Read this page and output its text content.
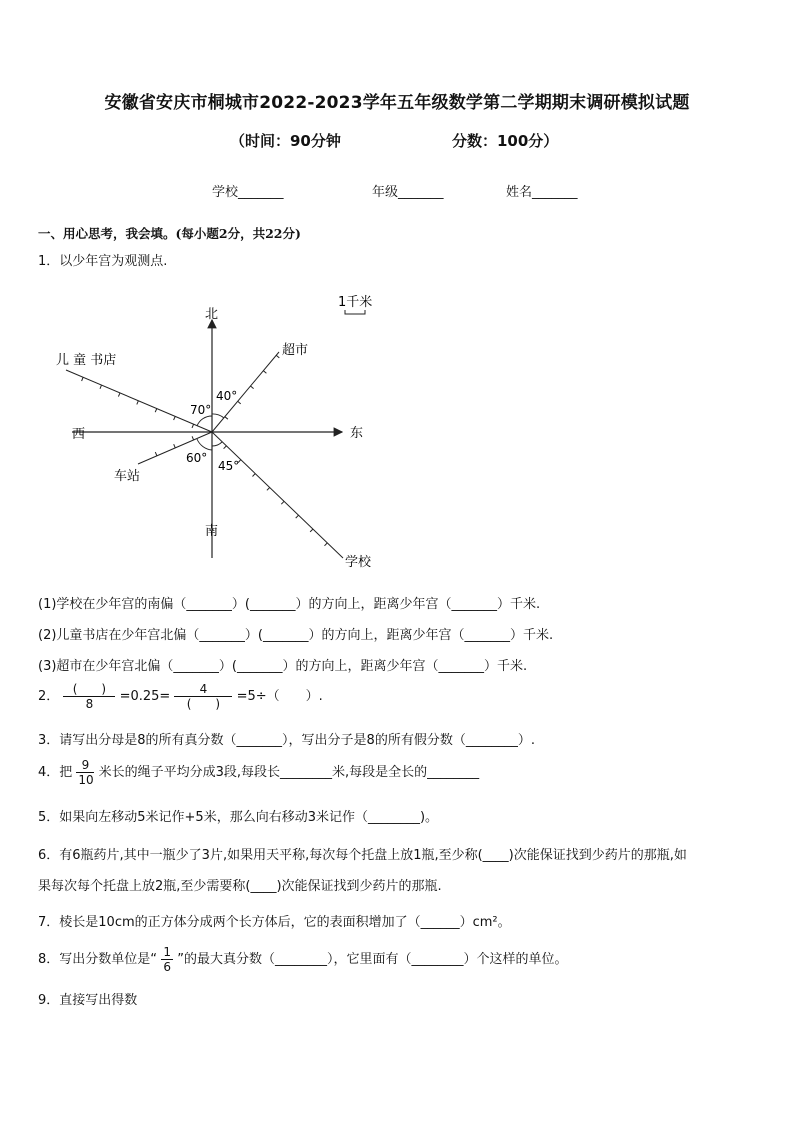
安徽省安庆市桐城市2022-2023学年五年级数学第二学期期末调研模拟试题
（时间：90分钟	分数：100分）
学校_______	年级_______	姓名_______
一、用心思考，我会填。(每小题2分，共22分)
1．以少年宫为观测点.
1千米
北
南
东
西
儿 童 书店
超市
车站
学校
40°
70°
60°
45°
(1)学校在少年宫的南偏（_______）(_______）的方向上，距离少年宫（_______）千米.
(2)儿童书店在少年宫北偏（_______）(_______）的方向上，距离少年宫（_______）千米.
(3)超市在少年宫北偏（_______）(_______）的方向上，距离少年宫（_______）千米.
2． $\frac{( )}{8} =0.25= \frac{4}{( )} =5\div$（　　）.
3．请写出分母是8的所有真分数（_______），写出分子是8的所有假分数（________）.
4．把 $\frac{9}{10}$ 米长的绳子平均分成3段,每段长________米,每段是全长的________
5．如果向左移动5米记作+5米，那么向右移动3米记作（________)。
6．有6瓶药片,其中一瓶少了3片,如果用天平称,每次每个托盘上放1瓶,至少称(____)次能保证找到少药片的那瓶,如
果每次每个托盘上放2瓶,至少需要称(____)次能保证找到少药片的那瓶.
7．棱长是10cm的正方体分成两个长方体后，它的表面积增加了（______）cm²。
8．写出分数单位是“ $\frac{1}{6}$ ”的最大真分数（________），它里面有（________）个这样的单位。
9．直接写出得数
